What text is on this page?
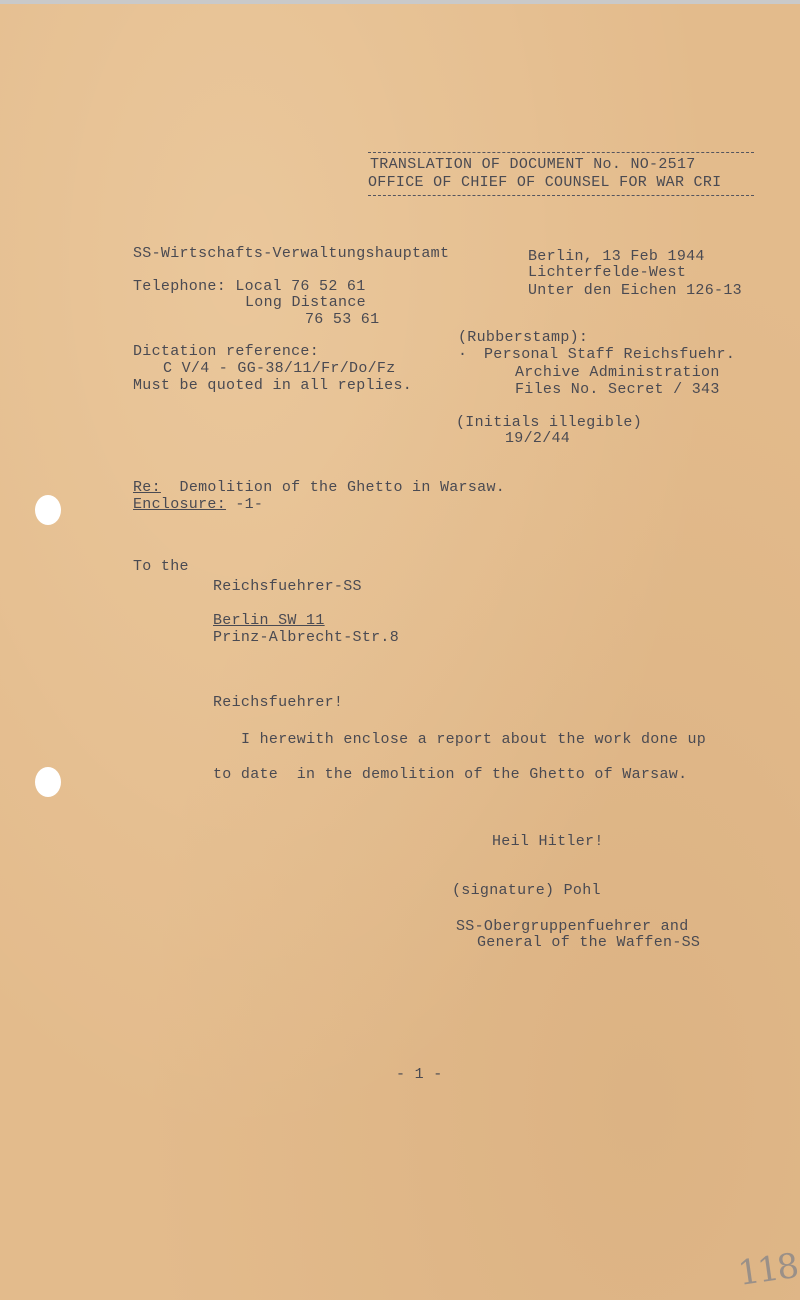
TRANSLATION OF DOCUMENT No. NO-2517
OFFICE OF CHIEF OF COUNSEL FOR WAR CRI
SS-Wirtschafts-Verwaltungshauptamt
Telephone: Local 76 52 61
Long Distance
76 53 61
Dictation reference:
C V/4 - GG-38/11/Fr/Do/Fz
Must be quoted in all replies.
Berlin, 13 Feb 1944
Lichterfelde-West
Unter den Eichen 126-13
(Rubberstamp):
· Personal Staff Reichsfuehr.
Archive Administration
Files No. Secret / 343
(Initials illegible)
19/2/44
Re: Demolition of the Ghetto in Warsaw.
Enclosure: -1-
To the
Reichsfuehrer-SS
Berlin SW 11
Prinz-Albrecht-Str.8
Reichsfuehrer!
I herewith enclose a report about the work done up
to date  in the demolition of the Ghetto of Warsaw.
Heil Hitler!
(signature) Pohl
SS-Obergruppenfuehrer and
General of the Waffen-SS
- 1 -
118
